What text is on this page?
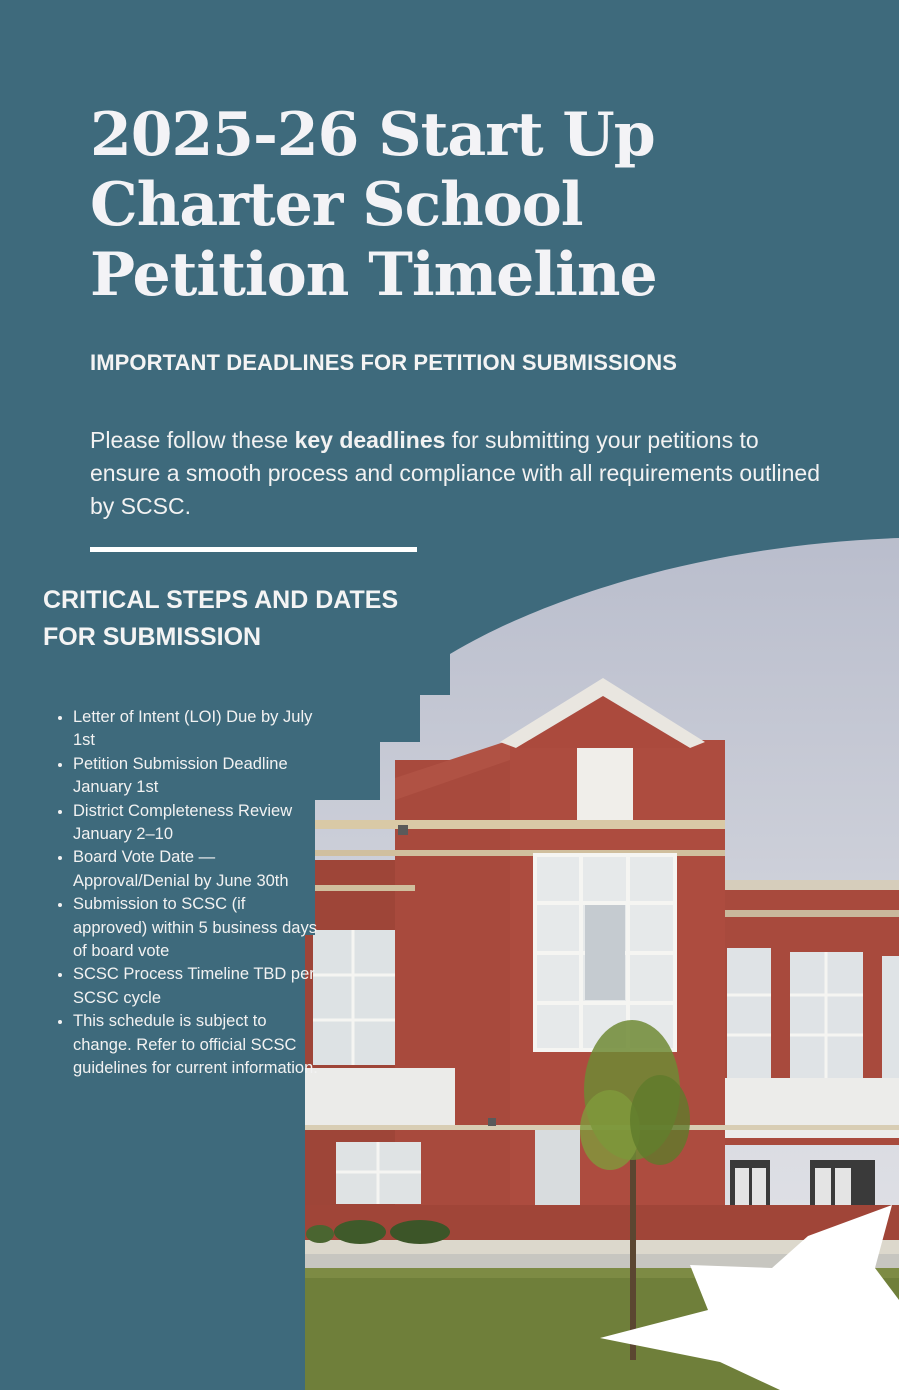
2025-26 Start Up
Charter School
Petition Timeline
IMPORTANT DEADLINES FOR PETITION SUBMISSIONS

Please follow these key deadlines for submitting your petitions to ensure a smooth process and compliance with all requirements outlined by SCSC.

CRITICAL STEPS AND DATES
FOR SUBMISSION
• Letter of Intent (LOI) Due by July 1st
• Petition Submission Deadline January 1st
• District Completeness Review January 2–10
• Board Vote Date — Approval/Denial by June 30th
• Submission to SCSC (if approved) within 5 business days of board vote
• SCSC Process Timeline TBD per SCSC cycle
• This schedule is subject to change. Refer to official SCSC guidelines for current information.
